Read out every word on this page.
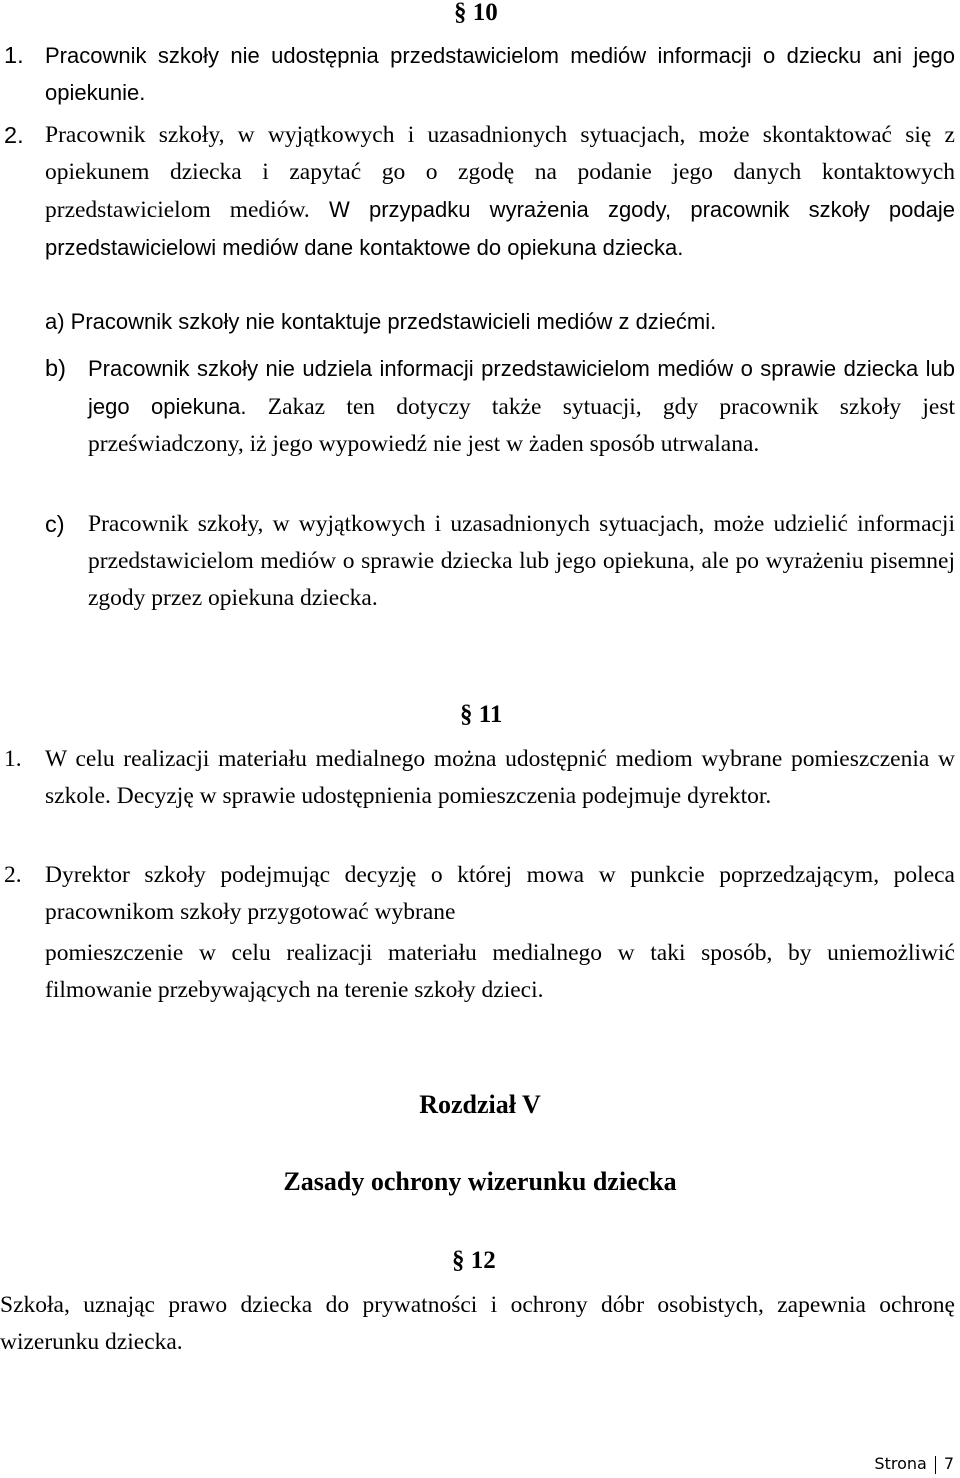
§ 10
1. Pracownik szkoły nie udostępnia przedstawicielom mediów informacji o dziecku ani jego opiekunie.

2. Pracownik szkoły, w wyjątkowych i uzasadnionych sytuacjach, może skontaktować się z opiekunem dziecka i zapytać go o zgodę na podanie jego danych kontaktowych przedstawicielom mediów. W przypadku wyrażenia zgody, pracownik szkoły podaje przedstawicielowi mediów dane kontaktowe do opiekuna dziecka.

a) Pracownik szkoły nie kontaktuje przedstawicieli mediów z dziećmi.

b) Pracownik szkoły nie udziela informacji przedstawicielom mediów o sprawie dziecka lub jego opiekuna. Zakaz ten dotyczy także sytuacji, gdy pracownik szkoły jest przeświadczony, iż jego wypowiedź nie jest w żaden sposób utrwalana.

c) Pracownik szkoły, w wyjątkowych i uzasadnionych sytuacjach, może udzielić informacji przedstawicielom mediów o sprawie dziecka lub jego opiekuna, ale po wyrażeniu pisemnej zgody przez opiekuna dziecka.

§ 11
1. W celu realizacji materiału medialnego można udostępnić mediom wybrane pomieszczenia w szkole. Decyzję w sprawie udostępnienia pomieszczenia podejmuje dyrektor.

2. Dyrektor szkoły podejmując decyzję o której mowa w punkcie poprzedzającym, poleca pracownikom szkoły przygotować wybrane

pomieszczenie w celu realizacji materiału medialnego w taki sposób, by uniemożliwić filmowanie przebywających na terenie szkoły dzieci.

Rozdział V
Zasady ochrony wizerunku dziecka
§ 12

Szkoła, uznając prawo dziecka do prywatności i ochrony dóbr osobistych, zapewnia ochronę wizerunku dziecka.

Strona 7
